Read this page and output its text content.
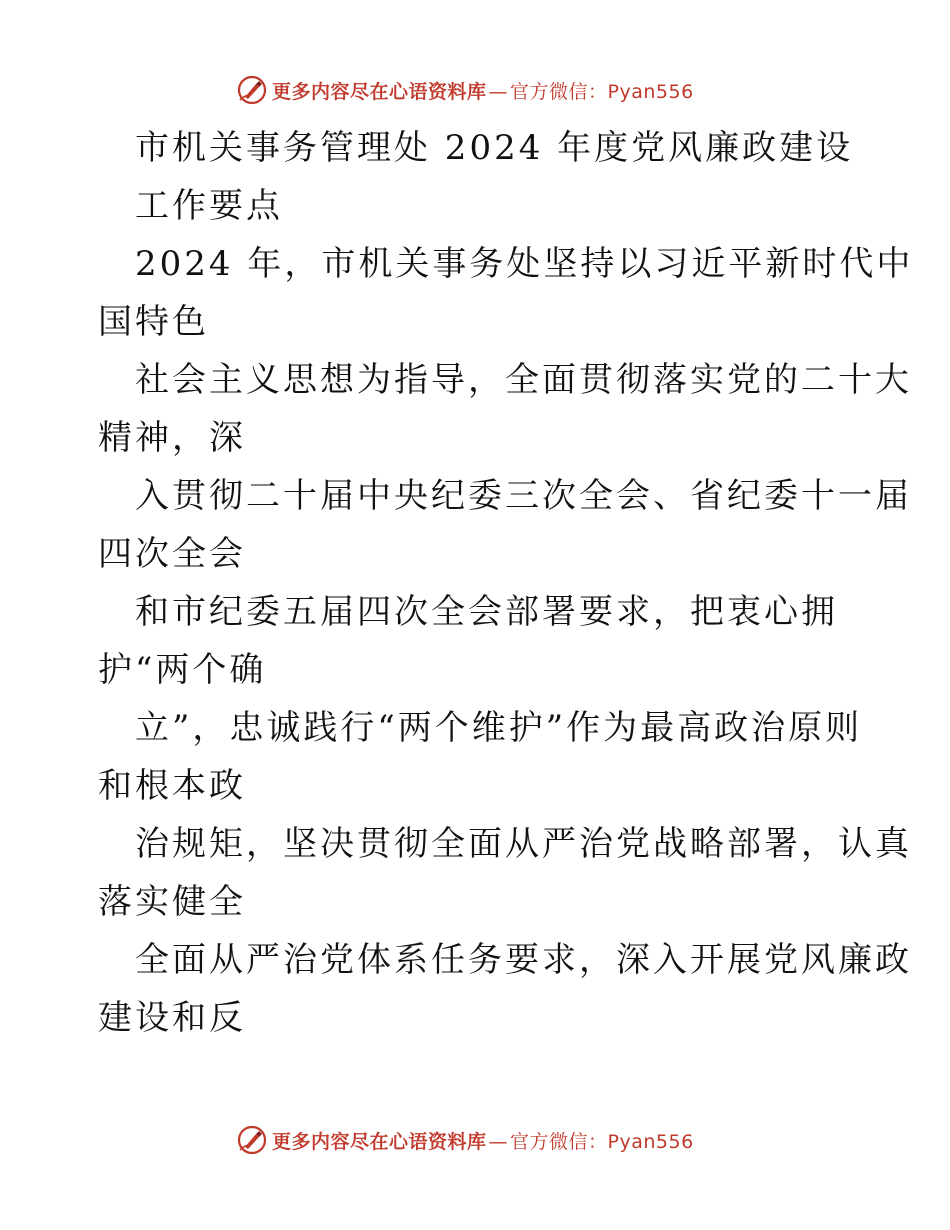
更多内容尽在心语资料库 — 官方微信：Pyan556
市机关事务管理处 2024 年度党风廉政建设
工作要点
2024 年，市机关事务处坚持以习近平新时代中
国特色
社会主义思想为指导，全面贯彻落实党的二十大
精神，深
入贯彻二十届中央纪委三次全会、省纪委十一届
四次全会
和市纪委五届四次全会部署要求，把衷心拥
护“两个确
立”，忠诚践行“两个维护”作为最高政治原则
和根本政
治规矩，坚决贯彻全面从严治党战略部署，认真
落实健全
全面从严治党体系任务要求，深入开展党风廉政
建设和反
更多内容尽在心语资料库 — 官方微信：Pyan556
